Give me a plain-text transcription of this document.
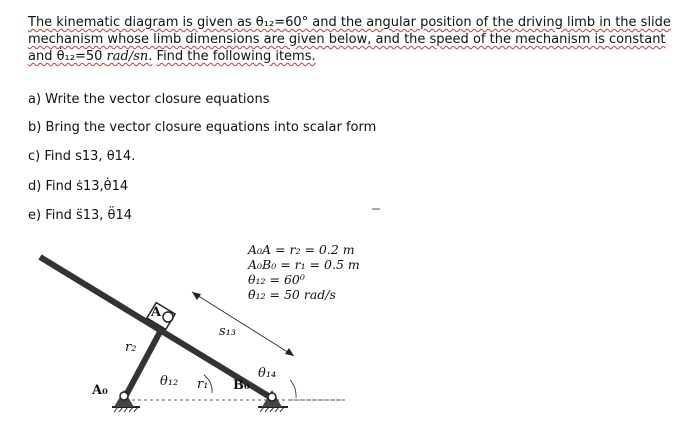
The kinematic diagram is given as θ₁₂=60° and the angular position of the driving limb in the slide
mechanism whose limb dimensions are given below, and the speed of the mechanism is constant
and θ̇₁₂=50 rad/sn. Find the following items.
a) Write the vector closure equations
b) Bring the vector closure equations into scalar form
c) Find s13, θ14.
d) Find ṡ13,θ̇14
e) Find s̈13, θ̈14
A₀A = r₂ = 0.2 m
A₀B₀ = r₁ = 0.5 m
θ₁₂ = 60⁰
θ̇₁₂ = 50 rad/s
A
A₀	B₀
r₂
r₁
s₁₃
θ₁₂
θ₁₄
